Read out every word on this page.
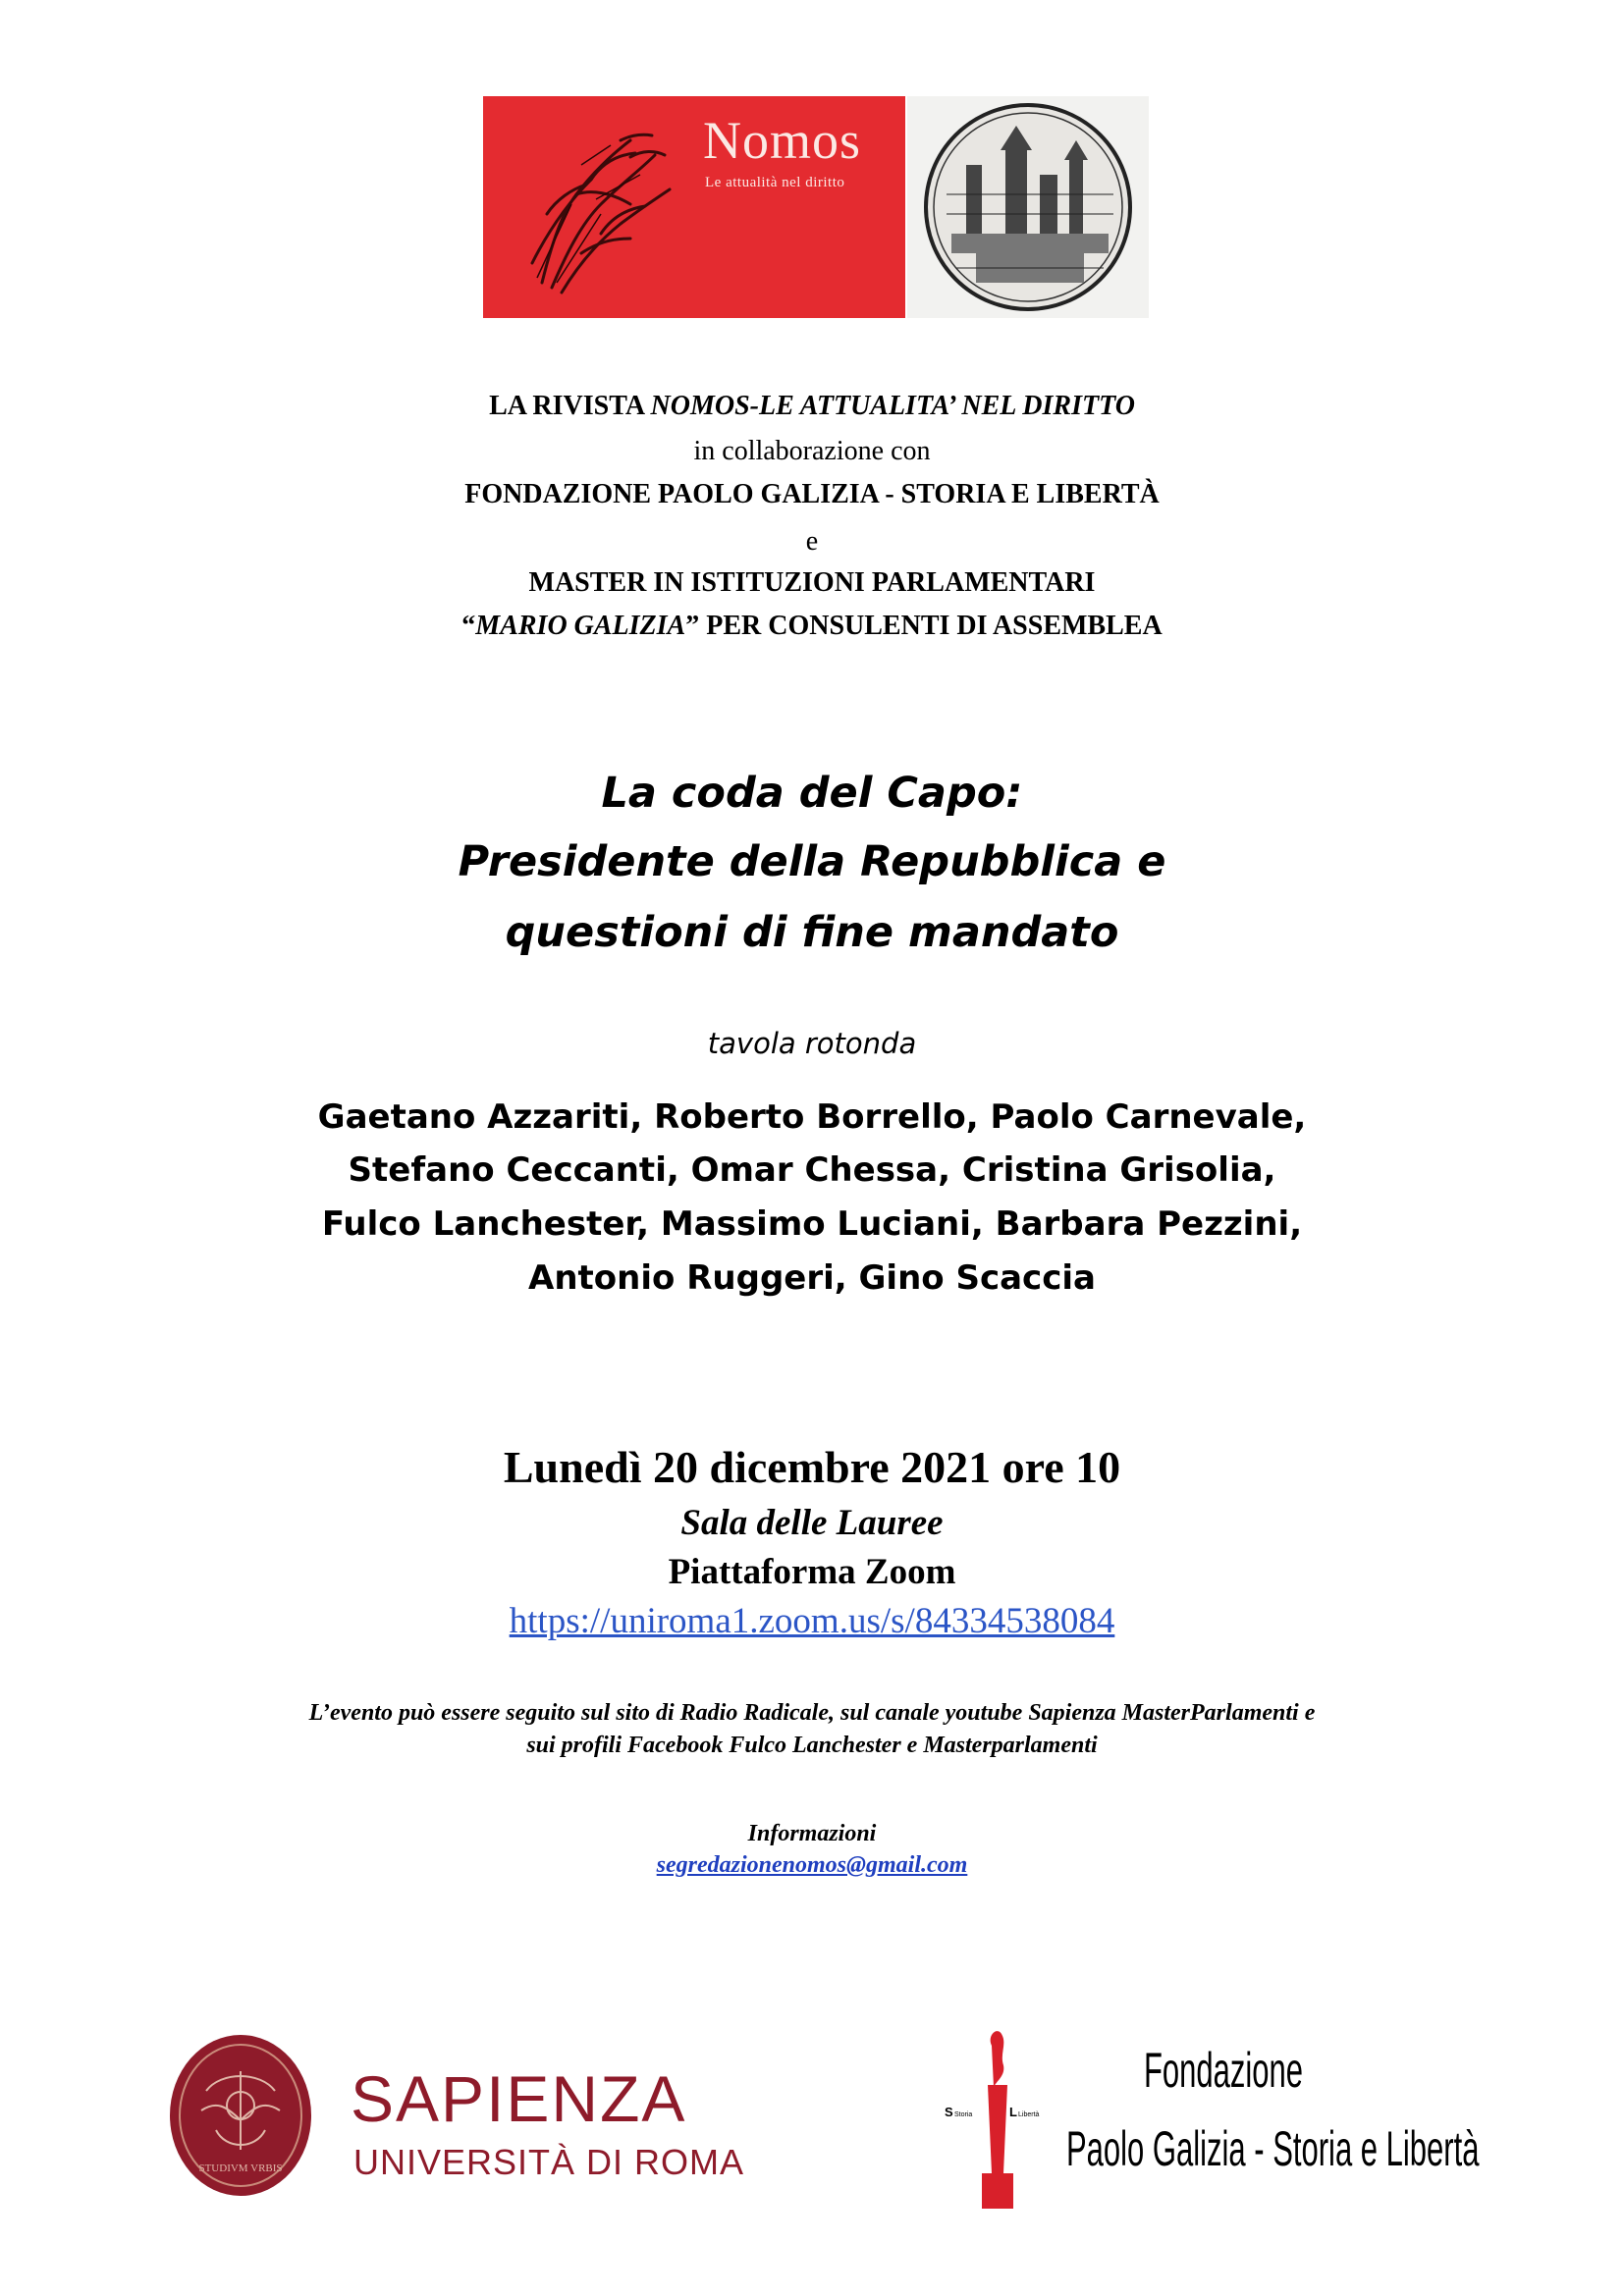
Nomos
Le attualità nel diritto
LA RIVISTA NOMOS-LE ATTUALITA’ NEL DIRITTO
in collaborazione con
FONDAZIONE PAOLO GALIZIA - STORIA E LIBERTÀ
e
MASTER IN ISTITUZIONI PARLAMENTARI
“MARIO GALIZIA” PER CONSULENTI DI ASSEMBLEA
La coda del Capo:
Presidente della Repubblica e
questioni di fine mandato
tavola rotonda
Gaetano Azzariti, Roberto Borrello, Paolo Carnevale,
Stefano Ceccanti, Omar Chessa, Cristina Grisolia,
Fulco Lanchester, Massimo Luciani, Barbara Pezzini,
Antonio Ruggeri, Gino Scaccia
Lunedì 20 dicembre 2021 ore 10
Sala delle Lauree
Piattaforma Zoom
https://uniroma1.zoom.us/s/84334538084
L’evento può essere seguito sul sito di Radio Radicale, sul canale youtube Sapienza MasterParlamenti e
sui profili Facebook Fulco Lanchester e Masterparlamenti
Informazioni
segredazionenomos@gmail.com
STUDIVM VRBIS
SAPIENZA
UNIVERSITÀ DI ROMA
S Storia	L Libertà
Fondazione
Paolo Galizia - Storia e Libertà
